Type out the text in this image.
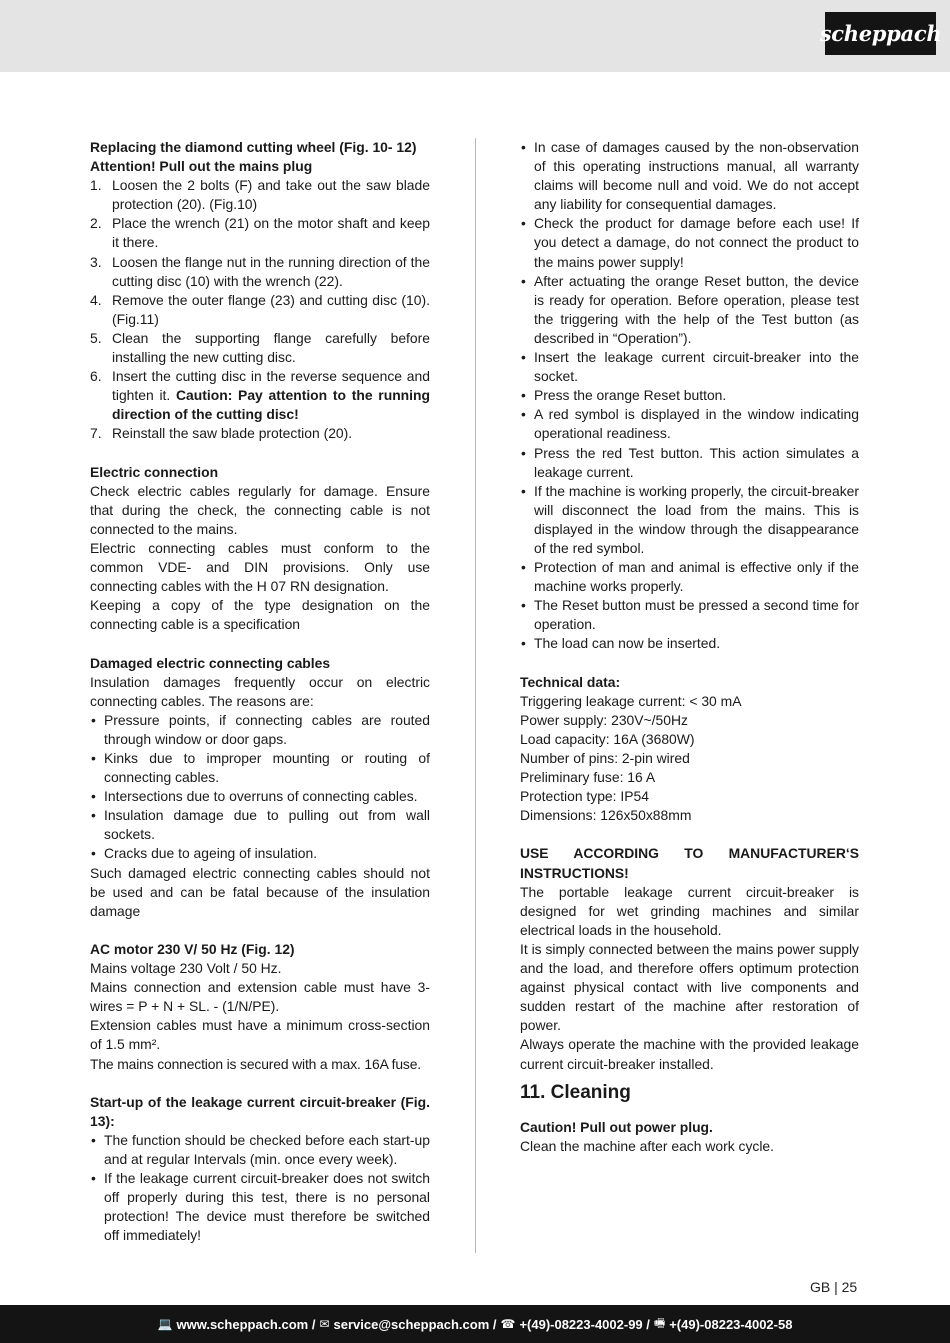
scheppach

Replacing the diamond cutting wheel (Fig. 10- 12)

Attention! Pull out the mains plug

1. Loosen the 2 bolts (F) and take out the saw blade protection (20). (Fig.10)
2. Place the wrench (21) on the motor shaft and keep it there.
3. Loosen the flange nut in the running direction of the cutting disc (10) with the wrench (22).
4. Remove the outer flange (23) and cutting disc (10). (Fig.11)
5. Clean the supporting flange carefully before installing the new cutting disc.
6. Insert the cutting disc in the reverse sequence and tighten it. Caution: Pay attention to the running direction of the cutting disc!
7. Reinstall the saw blade protection (20).

Electric connection

Check electric cables regularly for damage. Ensure that during the check, the connecting cable is not connected to the mains.

Electric connecting cables must conform to the common VDE- and DIN provisions. Only use connecting cables with the H 07 RN designation.

Keeping a copy of the type designation on the connecting cable is a specification

Damaged electric connecting cables

Insulation damages frequently occur on electric connecting cables. The reasons are:

• Pressure points, if connecting cables are routed through window or door gaps.
• Kinks due to improper mounting or routing of connecting cables.
• Intersections due to overruns of connecting cables.
• Insulation damage due to pulling out from wall sockets.
• Cracks due to ageing of insulation.

Such damaged electric connecting cables should not be used and can be fatal because of the insulation damage

AC motor 230 V/ 50 Hz (Fig. 12)

Mains voltage 230 Volt / 50 Hz.

Mains connection and extension cable must have 3-wires = P + N + SL. - (1/N/PE).

Extension cables must have a minimum cross-section of 1.5 mm².

The mains connection is secured with a max. 16A fuse.

Start-up of the leakage current circuit-breaker (Fig. 13):

• The function should be checked before each start-up and at regular Intervals (min. once every week).
• If the leakage current circuit-breaker does not switch off properly during this test, there is no personal protection! The device must therefore be switched off immediately!
• In case of damages caused by the non-observation of this operating instructions manual, all warranty claims will become null and void. We do not accept any liability for consequential damages.
• Check the product for damage before each use! If you detect a damage, do not connect the product to the mains power supply!
• After actuating the orange Reset button, the device is ready for operation. Before operation, please test the triggering with the help of the Test button (as described in “Operation”).
• Insert the leakage current circuit-breaker into the socket.
• Press the orange Reset button.
• A red symbol is displayed in the window indicating operational readiness.
• Press the red Test button. This action simulates a leakage current.
• If the machine is working properly, the circuit-breaker will disconnect the load from the mains. This is displayed in the window through the disappearance of the red symbol.
• Protection of man and animal is effective only if the machine works properly.
• The Reset button must be pressed a second time for operation.
• The load can now be inserted.

Technical data:

Triggering leakage current: < 30 mA

Power supply: 230V~/50Hz

Load capacity: 16A (3680W)

Number of pins: 2-pin wired

Preliminary fuse: 16 A

Protection type: IP54

Dimensions: 126x50x88mm

USE ACCORDING TO MANUFACTURER‘S INSTRUCTIONS!

The portable leakage current circuit-breaker is designed for wet grinding machines and similar electrical loads in the household.

It is simply connected between the mains power supply and the load, and therefore offers optimum protection against physical contact with live components and sudden restart of the machine after restoration of power.

Always operate the machine with the provided leakage current circuit-breaker installed.

11. Cleaning

Caution! Pull out power plug.

Clean the machine after each work cycle.

GB | 25
💻 www.scheppach.com / ✉ service@scheppach.com / ☎ +(49)-08223-4002-99 / 🖷 +(49)-08223-4002-58
